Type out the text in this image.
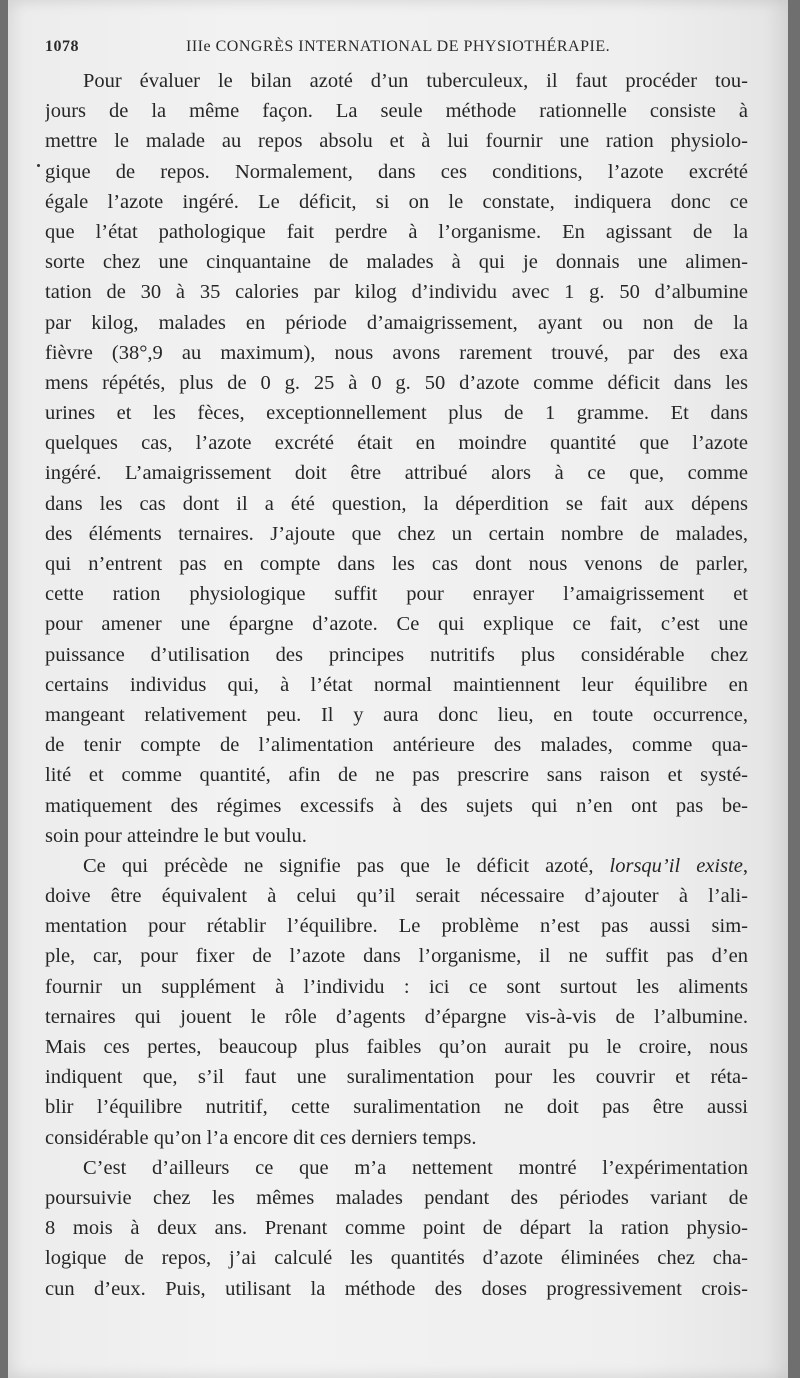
1078	IIIe CONGRÈS INTERNATIONAL DE PHYSIOTHÉRAPIE.
Pour évaluer le bilan azoté d’un tuberculeux, il faut procéder tou-
jours de la même façon. La seule méthode rationnelle consiste à
mettre le malade au repos absolu et à lui fournir une ration physiolo-
gique de repos. Normalement, dans ces conditions, l’azote excrété
égale l’azote ingéré. Le déficit, si on le constate, indiquera donc ce
que l’état pathologique fait perdre à l’organisme. En agissant de la
sorte chez une cinquantaine de malades à qui je donnais une alimen-
tation de 30 à 35 calories par kilog d’individu avec 1 g. 50 d’albumine
par kilog, malades en période d’amaigrissement, ayant ou non de la
fièvre (38°,9 au maximum), nous avons rarement trouvé, par des exa
mens répétés, plus de 0 g. 25 à 0 g. 50 d’azote comme déficit dans les
urines et les fèces, exceptionnellement plus de 1 gramme. Et dans
quelques cas, l’azote excrété était en moindre quantité que l’azote
ingéré. L’amaigrissement doit être attribué alors à ce que, comme
dans les cas dont il a été question, la déperdition se fait aux dépens
des éléments ternaires. J’ajoute que chez un certain nombre de malades,
qui n’entrent pas en compte dans les cas dont nous venons de parler,
cette ration physiologique suffit pour enrayer l’amaigrissement et
pour amener une épargne d’azote. Ce qui explique ce fait, c’est une
puissance d’utilisation des principes nutritifs plus considérable chez
certains individus qui, à l’état normal maintiennent leur équilibre en
mangeant relativement peu. Il y aura donc lieu, en toute occurrence,
de tenir compte de l’alimentation antérieure des malades, comme qua-
lité et comme quantité, afin de ne pas prescrire sans raison et systé-
matiquement des régimes excessifs à des sujets qui n’en ont pas be-
soin pour atteindre le but voulu.
Ce qui précède ne signifie pas que le déficit azoté, lorsqu’il existe,
doive être équivalent à celui qu’il serait nécessaire d’ajouter à l’ali-
mentation pour rétablir l’équilibre. Le problème n’est pas aussi sim-
ple, car, pour fixer de l’azote dans l’organisme, il ne suffit pas d’en
fournir un supplément à l’individu : ici ce sont surtout les aliments
ternaires qui jouent le rôle d’agents d’épargne vis-à-vis de l’albumine.
Mais ces pertes, beaucoup plus faibles qu’on aurait pu le croire, nous
indiquent que, s’il faut une suralimentation pour les couvrir et réta-
blir l’équilibre nutritif, cette suralimentation ne doit pas être aussi
considérable qu’on l’a encore dit ces derniers temps.
C’est d’ailleurs ce que m’a nettement montré l’expérimentation
poursuivie chez les mêmes malades pendant des périodes variant de
8 mois à deux ans. Prenant comme point de départ la ration physio-
logique de repos, j’ai calculé les quantités d’azote éliminées chez cha-
cun d’eux. Puis, utilisant la méthode des doses progressivement crois-
